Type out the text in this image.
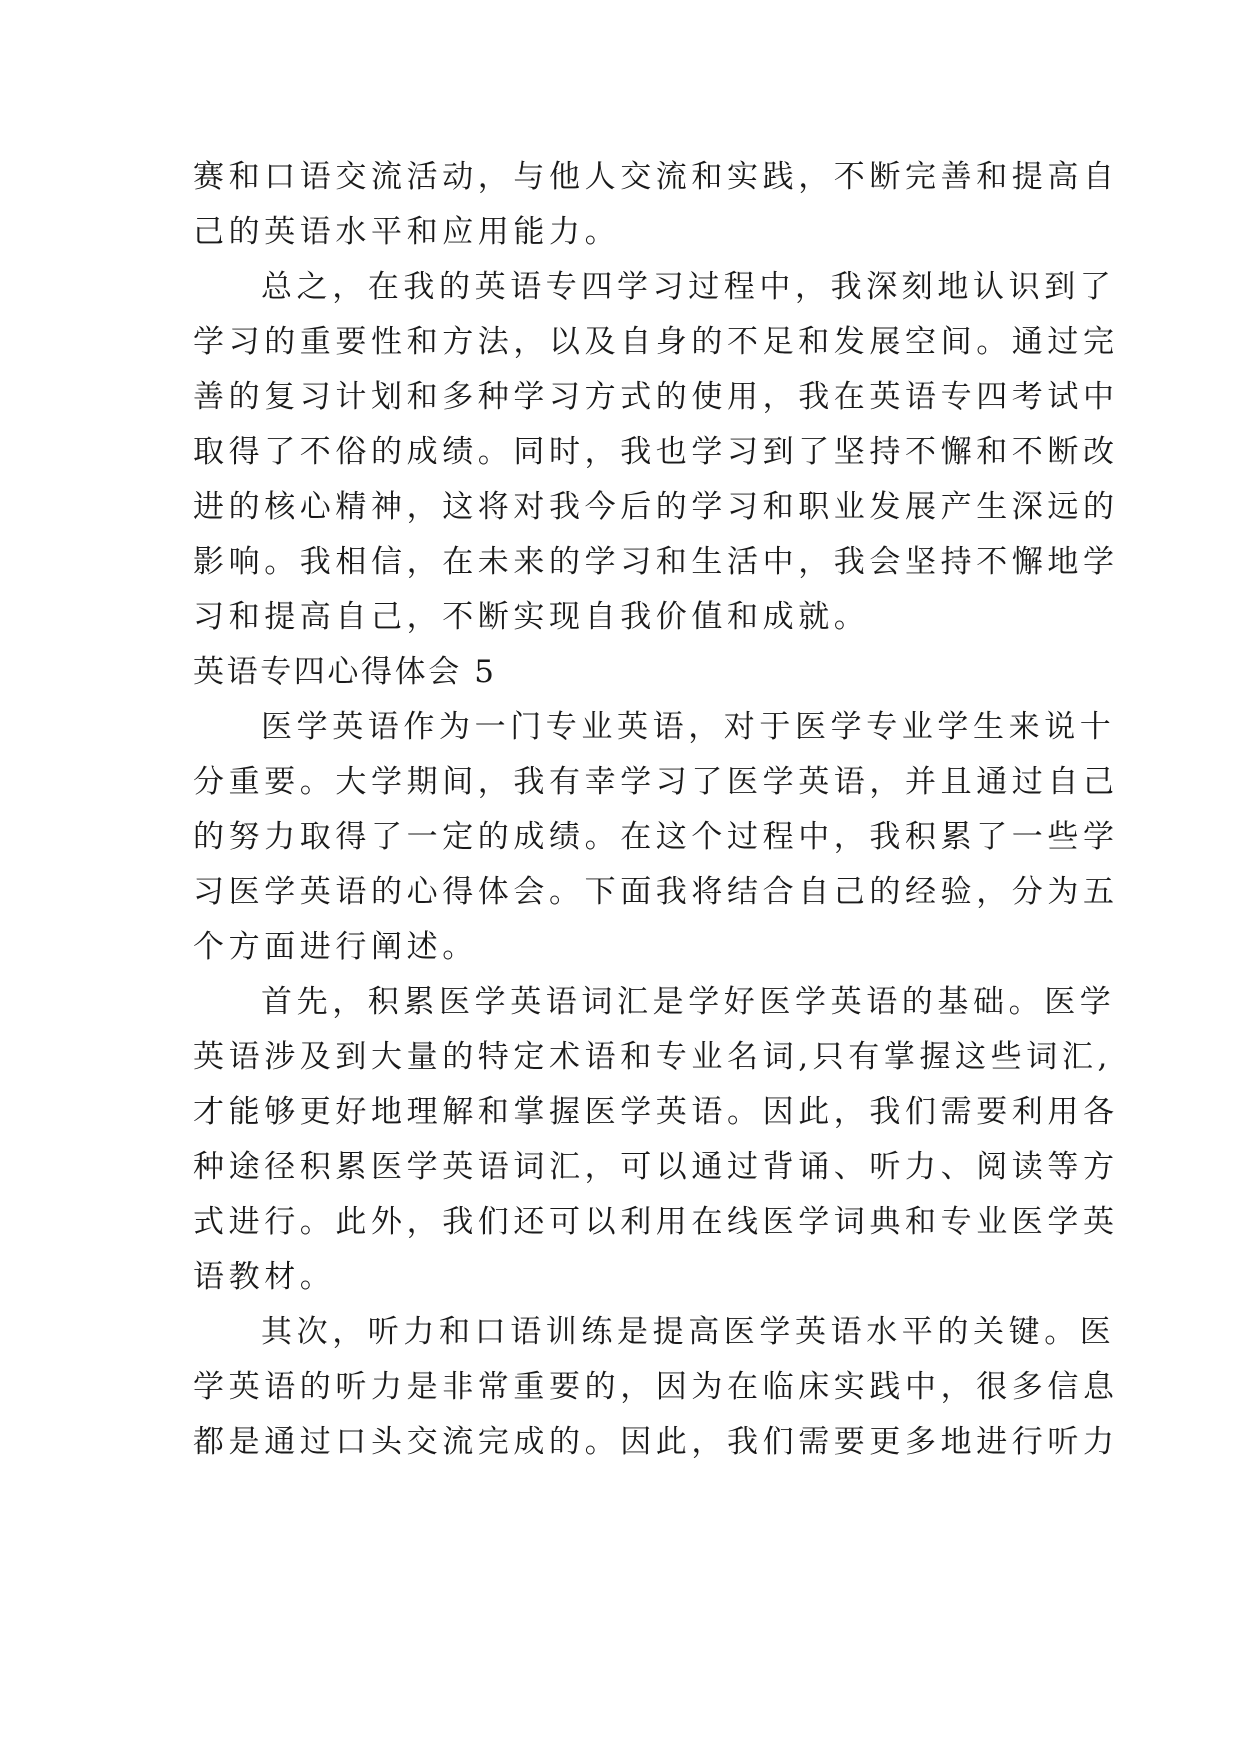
赛和口语交流活动，与他人交流和实践，不断完善和提高自
己的英语水平和应用能力。
总之，在我的英语专四学习过程中，我深刻地认识到了
学习的重要性和方法，以及自身的不足和发展空间。通过完
善的复习计划和多种学习方式的使用，我在英语专四考试中
取得了不俗的成绩。同时，我也学习到了坚持不懈和不断改
进的核心精神，这将对我今后的学习和职业发展产生深远的
影响。我相信，在未来的学习和生活中，我会坚持不懈地学
习和提高自己，不断实现自我价值和成就。
英语专四心得体会 5
医学英语作为一门专业英语，对于医学专业学生来说十
分重要。大学期间，我有幸学习了医学英语，并且通过自己
的努力取得了一定的成绩。在这个过程中，我积累了一些学
习医学英语的心得体会。下面我将结合自己的经验，分为五
个方面进行阐述。
首先，积累医学英语词汇是学好医学英语的基础。医学
英语涉及到大量的特定术语和专业名词,只有掌握这些词汇,
才能够更好地理解和掌握医学英语。因此，我们需要利用各
种途径积累医学英语词汇，可以通过背诵、听力、阅读等方
式进行。此外，我们还可以利用在线医学词典和专业医学英
语教材。
其次，听力和口语训练是提高医学英语水平的关键。医
学英语的听力是非常重要的，因为在临床实践中，很多信息
都是通过口头交流完成的。因此，我们需要更多地进行听力
